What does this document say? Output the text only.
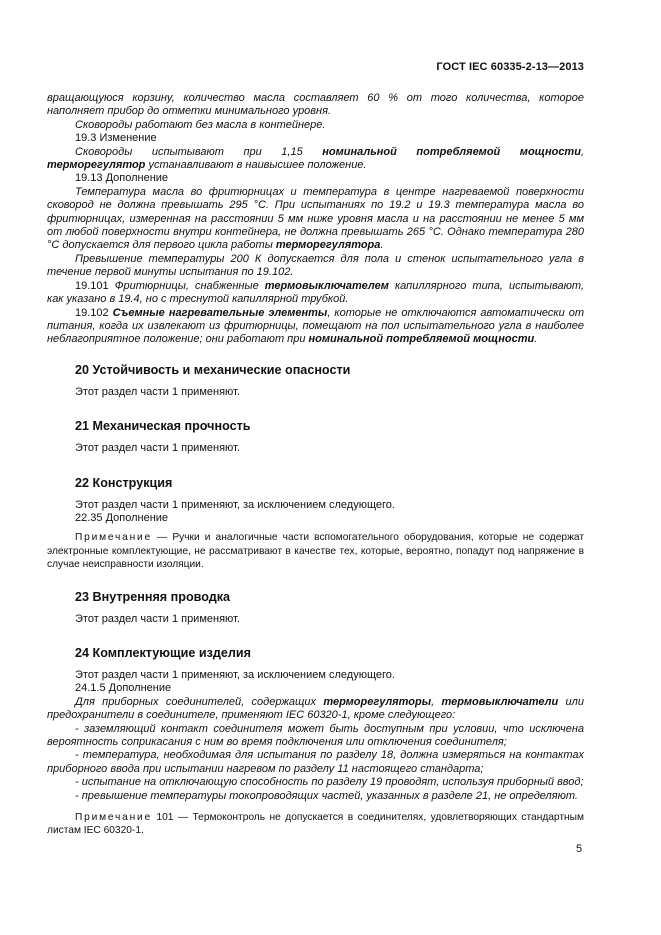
ГОСТ IEC 60335-2-13—2013

вращающуюся корзину, количество масла составляет 60 % от того количества, которое наполняет прибор до отметки минимального уровня.

Сковороды работают без масла в контейнере.

19.3 Изменение

Сковороды испытывают при 1,15 номинальной потребляемой мощности, терморегулятор устанавливают в наивысшее положение.

19.13 Дополнение

Температура масла во фритюрницах и температура в центре нагреваемой поверхности сковород не должна превышать 295 °С. При испытаниях по 19.2 и 19.3 температура масла во фритюрницах, измеренная на расстоянии 5 мм ниже уровня масла и на расстоянии не менее 5 мм от любой поверхности внутри контейнера, не должна превышать 265 °С. Однако температура 280 °С допускается для первого цикла работы терморегулятора.

Превышение температуры 200 К допускается для пола и стенок испытательного угла в течение первой минуты испытания по 19.102.

19.101 Фритюрницы, снабженные термовыключателем капиллярного типа, испытывают, как указано в 19.4, но с треснутой капиллярной трубкой.

19.102 Съемные нагревательные элементы, которые не отключаются автоматически от питания, когда их извлекают из фритюрницы, помещают на пол испытательного угла в наиболее неблагоприятное положение; они работают при номинальной потребляемой мощности.

20 Устойчивость и механические опасности

Этот раздел части 1 применяют.

21 Механическая прочность

Этот раздел части 1 применяют.

22 Конструкция

Этот раздел части 1 применяют, за исключением следующего.

22.35 Дополнение

Примечание — Ручки и аналогичные части вспомогательного оборудования, которые не содержат электронные комплектующие, не рассматривают в качестве тех, которые, вероятно, попадут под напряжение в случае неисправности изоляции.

23 Внутренняя проводка

Этот раздел части 1 применяют.

24 Комплектующие изделия

Этот раздел части 1 применяют, за исключением следующего.

24.1.5 Дополнение

Для приборных соединителей, содержащих терморегуляторы, термовыключатели или предохранители в соединителе, применяют IEC 60320-1, кроме следующего:

- заземляющий контакт соединителя может быть доступным при условии, что исключена вероятность соприкасания с ним во время подключения или отключения соединителя;

- температура, необходимая для испытания по разделу 18, должна измеряться на контактах приборного ввода при испытании нагревом по разделу 11 настоящего стандарта;

- испытание на отключающую способность по разделу 19 проводят, используя приборный ввод;

- превышение температуры токопроводящих частей, указанных в разделе 21, не определяют.

Примечание 101 — Термоконтроль не допускается в соединителях, удовлетворяющих стандартным листам IEC 60320-1.

5
